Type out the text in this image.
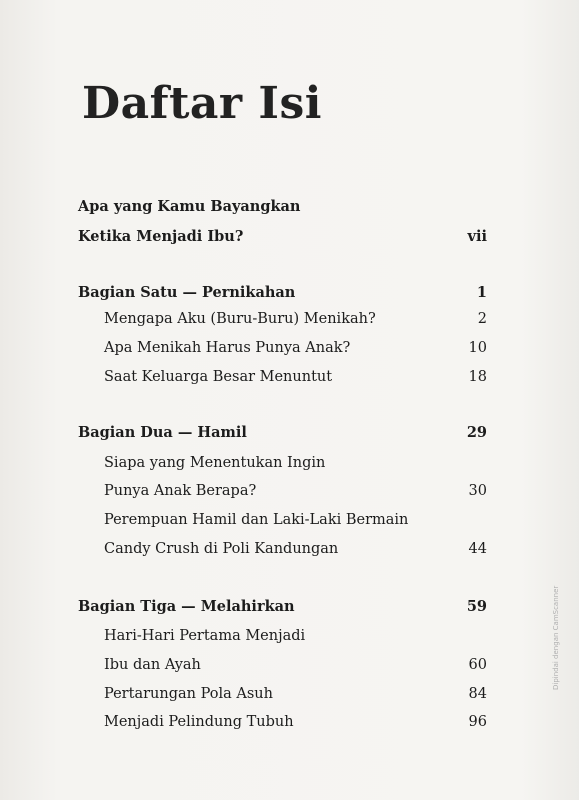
Daftar Isi
Apa yang Kamu Bayangkan
Ketika Menjadi Ibu?	vii
Bagian Satu — Pernikahan	1
Mengapa Aku (Buru-Buru) Menikah?	2
Apa Menikah Harus Punya Anak?	10
Saat Keluarga Besar Menuntut	18
Bagian Dua — Hamil	29
Siapa yang Menentukan Ingin
Punya Anak Berapa?	30
Perempuan Hamil dan Laki-Laki Bermain
Candy Crush di Poli Kandungan	44
Bagian Tiga — Melahirkan	59
Hari-Hari Pertama Menjadi
Ibu dan Ayah	60
Pertarungan Pola Asuh	84
Menjadi Pelindung Tubuh	96
Dipindai dengan CamScanner
